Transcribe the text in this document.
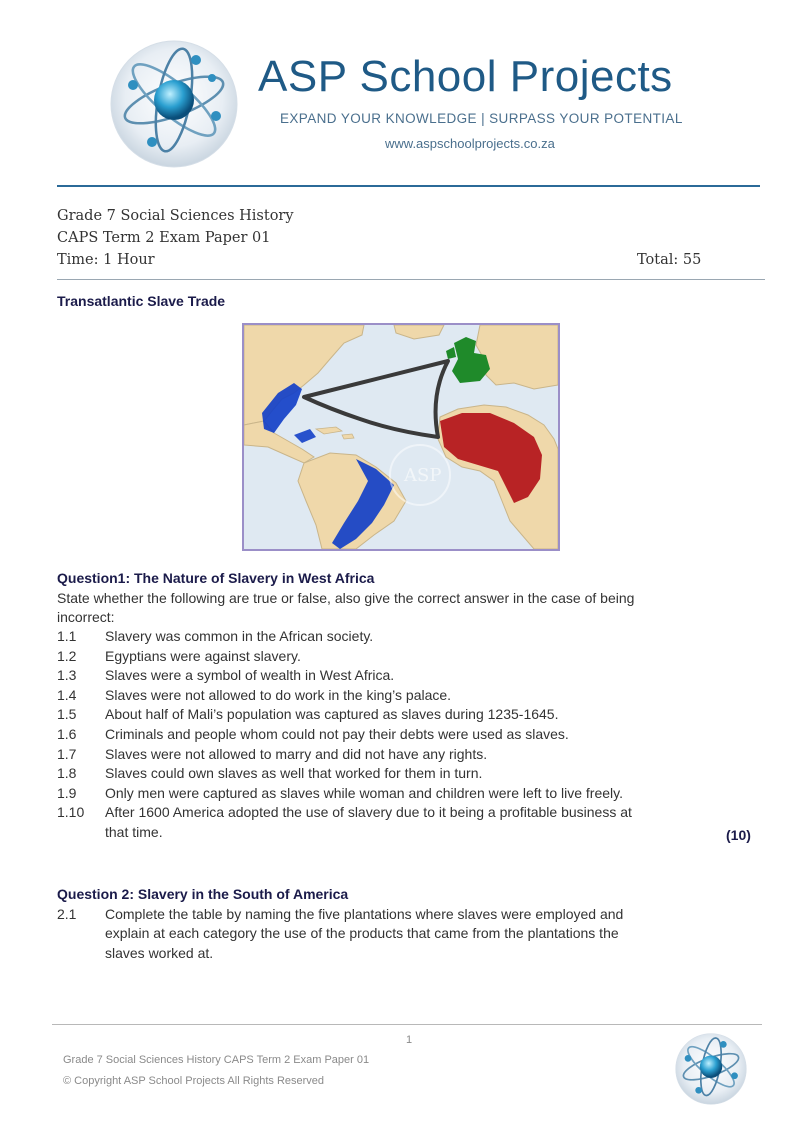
ASP School Projects
EXPAND YOUR KNOWLEDGE | SURPASS YOUR POTENTIAL
www.aspschoolprojects.co.za
Grade 7 Social Sciences History
CAPS Term 2 Exam Paper 01
Time: 1 Hour	Total: 55
Transatlantic Slave Trade
ASP
Question1: The Nature of Slavery in West Africa
State whether the following are true or false, also give the correct answer in the case of being
incorrect:
1.1	Slavery was common in the African society.
1.2	Egyptians were against slavery.
1.3	Slaves were a symbol of wealth in West Africa.
1.4	Slaves were not allowed to do work in the king’s palace.
1.5	About half of Mali’s population was captured as slaves during 1235-1645.
1.6	Criminals and people whom could not pay their debts were used as slaves.
1.7	Slaves were not allowed to marry and did not have any rights.
1.8	Slaves could own slaves as well that worked for them in turn.
1.9	Only men were captured as slaves while woman and children were left to live freely.
1.10	After 1600 America adopted the use of slavery due to it being a profitable business at
that time.	(10)
Question 2: Slavery in the South of America
2.1	Complete the table by naming the five plantations where slaves were employed and
explain at each category the use of the products that came from the plantations the
slaves worked at.
1
Grade 7 Social Sciences History CAPS Term 2 Exam Paper 01
© Copyright ASP School Projects All Rights Reserved
